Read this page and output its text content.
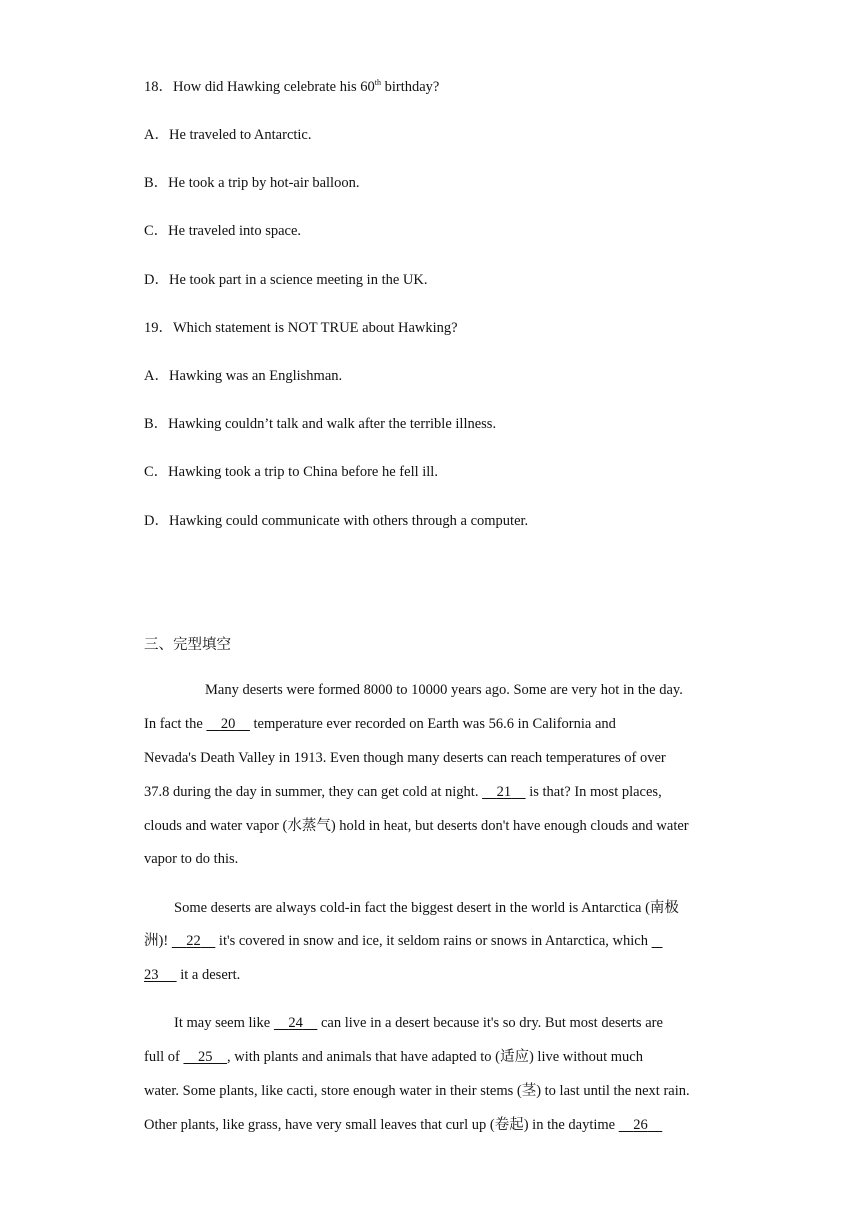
18．How did Hawking celebrate his 60th birthday?
A．He traveled to Antarctic.
B．He took a trip by hot-air balloon.
C．He traveled into space.
D．He took part in a science meeting in the UK.
19．Which statement is NOT TRUE about Hawking?
A．Hawking was an Englishman.
B．Hawking couldn’t talk and walk after the terrible illness.
C．Hawking took a trip to China before he fell ill.
D．Hawking could communicate with others through a computer.
三、完型填空
Many deserts were formed 8000 to 10000 years ago. Some are very hot in the day.
In fact the     20     temperature ever recorded on Earth was 56.6 in California and
Nevada's Death Valley in 1913. Even though many deserts can reach temperatures of over
37.8 during the day in summer, they can get cold at night.     21     is that? In most places,
clouds and water vapor (水蒸气) hold in heat, but deserts don't have enough clouds and water
vapor to do this.
Some deserts are always cold-in fact the biggest desert in the world is Antarctica (南极
洲)!     22     it's covered in snow and ice, it seldom rains or snows in Antarctica, which
23      it a desert.
It may seem like     24     can live in a desert because it's so dry. But most deserts are
full of     25 , with plants and animals that have adapted to (适应) live without much
water. Some plants, like cacti, store enough water in their stems (茎) to last until the next rain.
Other plants, like grass, have very small leaves that curl up (卷起) in the daytime     26
